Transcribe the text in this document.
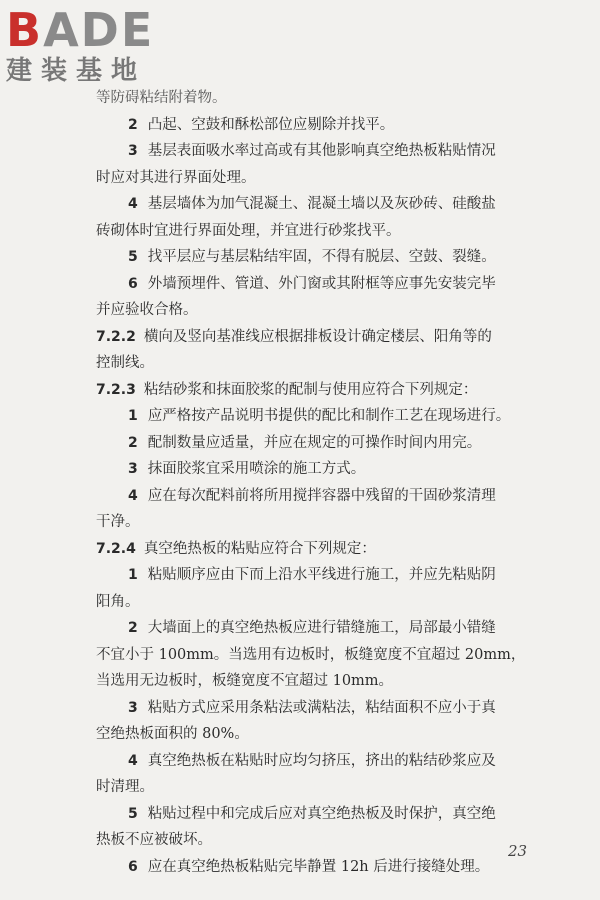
BADE
建装基地
等防碍粘结附着物。
2 凸起、空鼓和酥松部位应剔除并找平。
3 基层表面吸水率过高或有其他影响真空绝热板粘贴情况
时应对其进行界面处理。
4 基层墙体为加气混凝土、混凝土墙以及灰砂砖、硅酸盐
砖砌体时宜进行界面处理，并宜进行砂浆找平。
5 找平层应与基层粘结牢固，不得有脱层、空鼓、裂缝。
6 外墙预埋件、管道、外门窗或其附框等应事先安装完毕
并应验收合格。
7.2.2 横向及竖向基准线应根据排板设计确定楼层、阳角等的
控制线。
7.2.3 粘结砂浆和抹面胶浆的配制与使用应符合下列规定：
1 应严格按产品说明书提供的配比和制作工艺在现场进行。
2 配制数量应适量，并应在规定的可操作时间内用完。
3 抹面胶浆宜采用喷涂的施工方式。
4 应在每次配料前将所用搅拌容器中残留的干固砂浆清理
干净。
7.2.4 真空绝热板的粘贴应符合下列规定：
1 粘贴顺序应由下而上沿水平线进行施工，并应先粘贴阴
阳角。
2 大墙面上的真空绝热板应进行错缝施工，局部最小错缝
不宜小于 100mm。当选用有边板时，板缝宽度不宜超过 20mm，
当选用无边板时，板缝宽度不宜超过 10mm。
3 粘贴方式应采用条粘法或满粘法，粘结面积不应小于真
空绝热板面积的 80%。
4 真空绝热板在粘贴时应均匀挤压，挤出的粘结砂浆应及
时清理。
5 粘贴过程中和完成后应对真空绝热板及时保护，真空绝
热板不应被破坏。
6 应在真空绝热板粘贴完毕静置 12h 后进行接缝处理。
23
